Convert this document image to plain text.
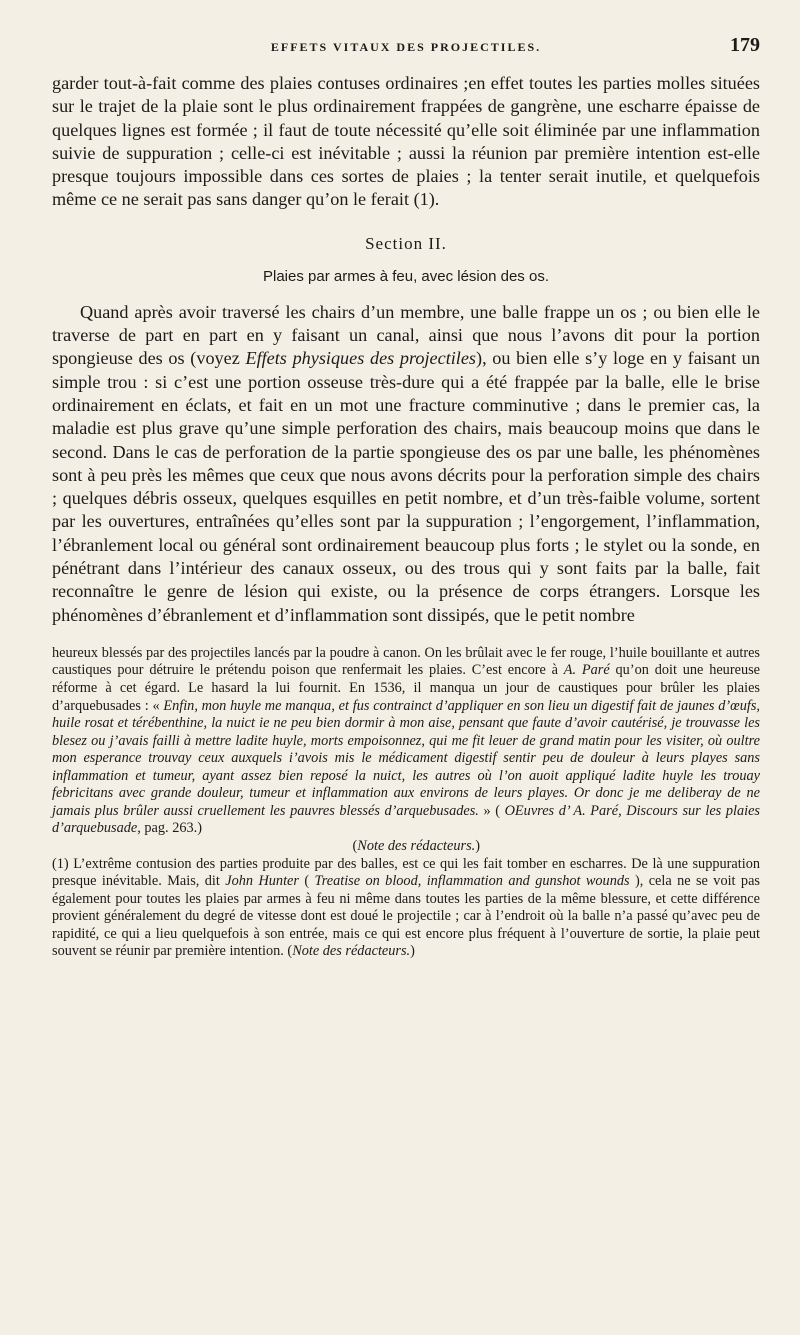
EFFETS VITAUX DES PROJECTILES.	179

garder tout-à-fait comme des plaies contuses ordinaires ;en effet toutes les parties molles situées sur le trajet de la plaie sont le plus ordinairement frappées de gangrène, une escharre épaisse de quelques lignes est formée ; il faut de toute nécessité qu’elle soit éliminée par une inflammation suivie de suppuration ; celle-ci est inévitable ; aussi la réunion par première intention est-elle presque toujours impossible dans ces sortes de plaies ; la tenter serait inutile, et quelquefois même ce ne serait pas sans danger qu’on le ferait (1).

Section II.
Plaies par armes à feu, avec lésion des os.

Quand après avoir traversé les chairs d’un membre, une balle frappe un os ; ou bien elle le traverse de part en part en y faisant un canal, ainsi que nous l’avons dit pour la portion spongieuse des os (voyez Effets physiques des projectiles), ou bien elle s’y loge en y faisant un simple trou : si c’est une portion osseuse très-dure qui a été frappée par la balle, elle le brise ordinairement en éclats, et fait en un mot une fracture comminutive ; dans le premier cas, la maladie est plus grave qu’une simple perforation des chairs, mais beaucoup moins que dans le second. Dans le cas de perforation de la partie spongieuse des os par une balle, les phénomènes sont à peu près les mêmes que ceux que nous avons décrits pour la perforation simple des chairs ; quelques débris osseux, quelques esquilles en petit nombre, et d’un très-faible volume, sortent par les ouvertures, entraînées qu’elles sont par la suppuration ; l’engorgement, l’inflammation, l’ébranlement local ou général sont ordinairement beaucoup plus forts ; le stylet ou la sonde, en pénétrant dans l’intérieur des canaux osseux, ou des trous qui y sont faits par la balle, fait reconnaître le genre de lésion qui existe, ou la présence de corps étrangers. Lorsque les phénomènes d’ébranlement et d’inflammation sont dissipés, que le petit nombre

heureux blessés par des projectiles lancés par la poudre à canon. On les brûlait avec le fer rouge, l’huile bouillante et autres caustiques pour détruire le prétendu poison que renfermait les plaies. C’est encore à A. Paré qu’on doit une heureuse réforme à cet égard. Le hasard la lui fournit. En 1536, il manqua un jour de caustiques pour brûler les plaies d’arquebusades : « Enfin, mon huyle me manqua, et fus contrainct d’appliquer en son lieu un digestif fait de jaunes d’œufs, huile rosat et térébenthine, la nuict ie ne peu bien dormir à mon aise, pensant que faute d’avoir cautérisé, je trouvasse les blesez ou j’avais failli à mettre ladite huyle, morts empoisonnez, qui me fit leuer de grand matin pour les visiter, où oultre mon esperance trouvay ceux auxquels i’avois mis le médicament digestif sentir peu de douleur à leurs playes sans inflammation et tumeur, ayant assez bien reposé la nuict, les autres où l’on auoit appliqué ladite huyle les trouay febricitans avec grande douleur, tumeur et inflammation aux environs de leurs playes. Or donc je me deliberay de ne jamais plus brûler aussi cruellement les pauvres blessés d’arquebusades. » ( OEuvres d’ A. Paré, Discours sur les plaies d’arquebusade, pag. 263.)

(Note des rédacteurs.)

(1) L’extrême contusion des parties produite par des balles, est ce qui les fait tomber en escharres. De là une suppuration presque inévitable. Mais, dit John Hunter ( Treatise on blood, inflammation and gunshot wounds ), cela ne se voit pas également pour toutes les plaies par armes à feu ni même dans toutes les parties de la même blessure, et cette différence provient généralement du degré de vitesse dont est doué le projectile ; car à l’endroit où la balle n’a passé qu’avec peu de rapidité, ce qui a lieu quelquefois à son entrée, mais ce qui est encore plus fréquent à l’ouverture de sortie, la plaie peut souvent se réunir par première intention. (Note des rédacteurs.)
